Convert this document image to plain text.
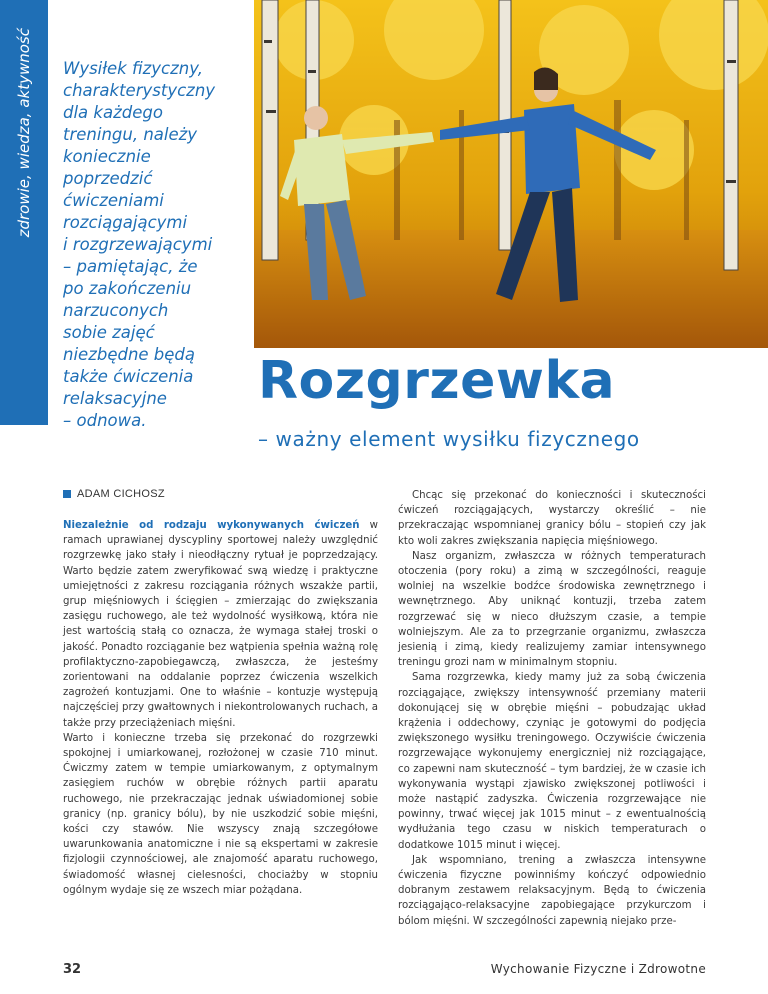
zdrowie, wiedza, aktywność	Wysiłek fizyczny,
charakterystyczny
dla każdego
treningu, należy
koniecznie
poprzedzić
ćwiczeniami
rozciągającymi
i rozgrzewającymi
– pamiętając, że
po zakończeniu
narzuconych
sobie zajęć
niezbędne będą
także ćwiczenia
relaksacyjne
– odnowa.
Rozgrzewka
– ważny element wysiłku fizycznego
ADAM CICHOSZ

Niezależnie od rodzaju wykonywanych ćwiczeń w ramach uprawianej dyscypliny sportowej należy uwzględnić rozgrzewkę jako stały i nieodłączny rytuał je poprzedzający. Warto będzie zatem zweryfikować swą wiedzę i praktyczne umiejętności z zakresu rozciągania różnych wszakże partii, grup mięśniowych i ścięgien – zmierzając do zwiększania zasięgu ruchowego, ale też wydolność wysiłkową, która nie jest wartością stałą co oznacza, że wymaga stałej troski o jakość. Ponadto rozciąganie bez wątpienia spełnia ważną rolę profilaktyczno-zapobiegawczą, zwłaszcza, że jesteśmy zorientowani na oddalanie poprzez ćwiczenia wszelkich zagrożeń kontuzjami. One to właśnie – kontuzje występują najczęściej przy gwałtownych i niekontrolowanych ruchach, a także przy przeciążeniach mięśni.

Warto i konieczne trzeba się przekonać do rozgrzewki spokojnej i umiarkowanej, rozłożonej w czasie 710 minut. Ćwiczmy zatem w tempie umiarkowanym, z optymalnym zasięgiem ruchów w obrębie różnych partii aparatu ruchowego, nie przekraczając jednak uświadomionej sobie granicy (np. granicy bólu), by nie uszkodzić sobie mięśni, kości czy stawów. Nie wszyscy znają szczegółowe uwarunkowania anatomiczne i nie są ekspertami w zakresie fizjologii czynnościowej, ale znajomość aparatu ruchowego, świadomość własnej cielesności, chociażby w stopniu ogólnym wydaje się ze wszech miar pożądana.

Chcąc się przekonać do konieczności i skuteczności ćwiczeń rozciągających, wystarczy określić – nie przekraczając wspomnianej granicy bólu – stopień czy jak kto woli zakres zwiększania napięcia mięśniowego.

Nasz organizm, zwłaszcza w różnych temperaturach otoczenia (pory roku) a zimą w szczególności, reaguje wolniej na wszelkie bodźce środowiska zewnętrznego i wewnętrznego. Aby uniknąć kontuzji, trzeba zatem rozgrzewać się w nieco dłuższym czasie, a tempie wolniejszym. Ale za to przegrzanie organizmu, zwłaszcza jesienią i zimą, kiedy realizujemy zamiar intensywnego treningu grozi nam w minimalnym stopniu.

Sama rozgrzewka, kiedy mamy już za sobą ćwiczenia rozciągające, zwiększy intensywność przemiany materii dokonującej się w obrębie mięśni – pobudzając układ krążenia i oddechowy, czyniąc je gotowymi do podjęcia zwiększonego wysiłku treningowego. Oczywiście ćwiczenia rozgrzewające wykonujemy energiczniej niż rozciągające, co zapewni nam skuteczność – tym bardziej, że w czasie ich wykonywania wystąpi zjawisko zwiększonej potliwości i może nastąpić zadyszka. Ćwiczenia rozgrzewające nie powinny, trwać więcej jak 1015 minut – z ewentualnością wydłużania tego czasu w niskich temperaturach o dodatkowe 1015 minut i więcej.

Jak wspomniano, trening a zwłaszcza intensywne ćwiczenia fizyczne powinniśmy kończyć odpowiednio dobranym zestawem relaksacyjnym. Będą to ćwiczenia rozciągająco-relaksacyjne zapobiegające przykurczom i bólom mięśni. W szczególności zapewnią niejako prze-

32	Wychowanie Fizyczne i Zdrowotne
